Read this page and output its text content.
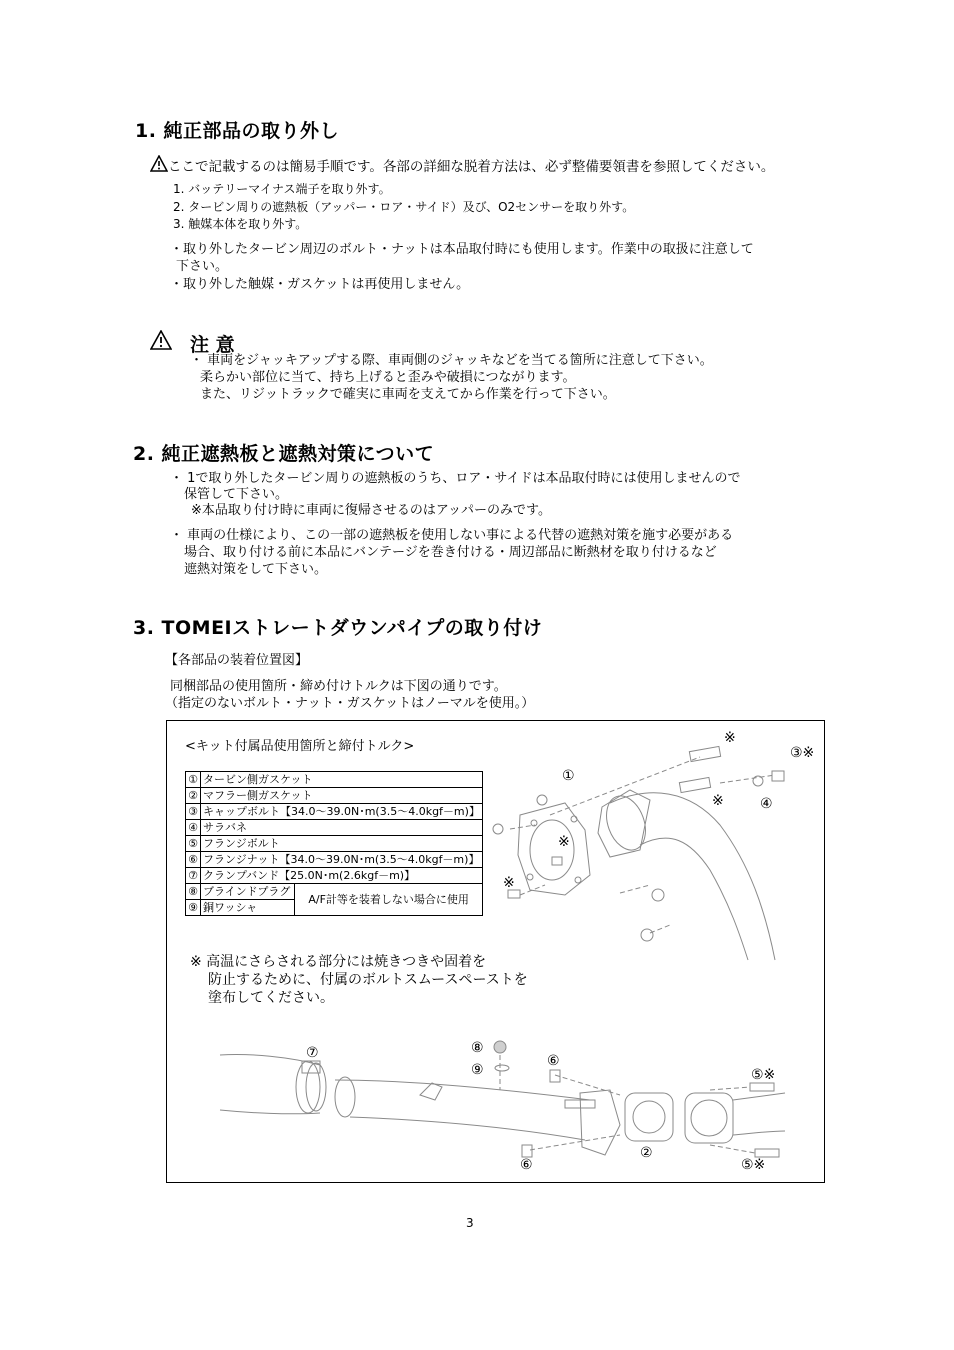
1. 純正部品の取り外し
ここで記載するのは簡易手順です。各部の詳細な脱着方法は、必ず整備要領書を参照してください。
1. バッテリーマイナス端子を取り外す。
2. タービン周りの遮熱板（アッパー・ロア・サイド）及び、O2センサーを取り外す。
3. 触媒本体を取り外す。
・取り外したタービン周辺のボルト・ナットは本品取付時にも使用します。作業中の取扱に注意して
下さい。
・取り外した触媒・ガスケットは再使用しません。
注 意
・ 車両をジャッキアップする際、車両側のジャッキなどを当てる箇所に注意して下さい。
柔らかい部位に当て、持ち上げると歪みや破損につながります。
また、リジットラックで確実に車両を支えてから作業を行って下さい。
2. 純正遮熱板と遮熱対策について
・ 1で取り外したタービン周りの遮熱板のうち、ロア・サイドは本品取付時には使用しませんので
保管して下さい。
※本品取り付け時に車両に復帰させるのはアッパーのみです。
・ 車両の仕様により、この一部の遮熱板を使用しない事による代替の遮熱対策を施す必要がある
場合、取り付ける前に本品にバンテージを巻き付ける・周辺部品に断熱材を取り付けるなど
遮熱対策をして下さい。
3. TOMEIストレートダウンパイプの取り付け
【各部品の装着位置図】
同梱部品の使用箇所・締め付けトルクは下図の通りです。
（指定のないボルト・ナット・ガスケットはノーマルを使用。）
<キット付属品使用箇所と締付トルク>
①	タービン側ガスケット	
②	マフラー側ガスケット	
③	キャップボルト【34.0～39.0N･m(3.5～4.0kgf－m)】	
④	サラバネ	
⑤	フランジボルト	
⑥	フランジナット【34.0～39.0N･m(3.5～4.0kgf－m)】	
⑦	クランプバンド【25.0N･m(2.6kgf－m)】	
⑧	ブラインドプラグ	A/F計等を装着しない場合に使用
⑨	銅ワッシャ	
※ 高温にさらされる部分には焼きつきや固着を
防止するために、付属のボルトスムースペーストを
塗布してください。
①
※
③※
※	④
※
※
⑦	⑧
⑨
⑥
⑤※
②
⑥	⑤※
3
